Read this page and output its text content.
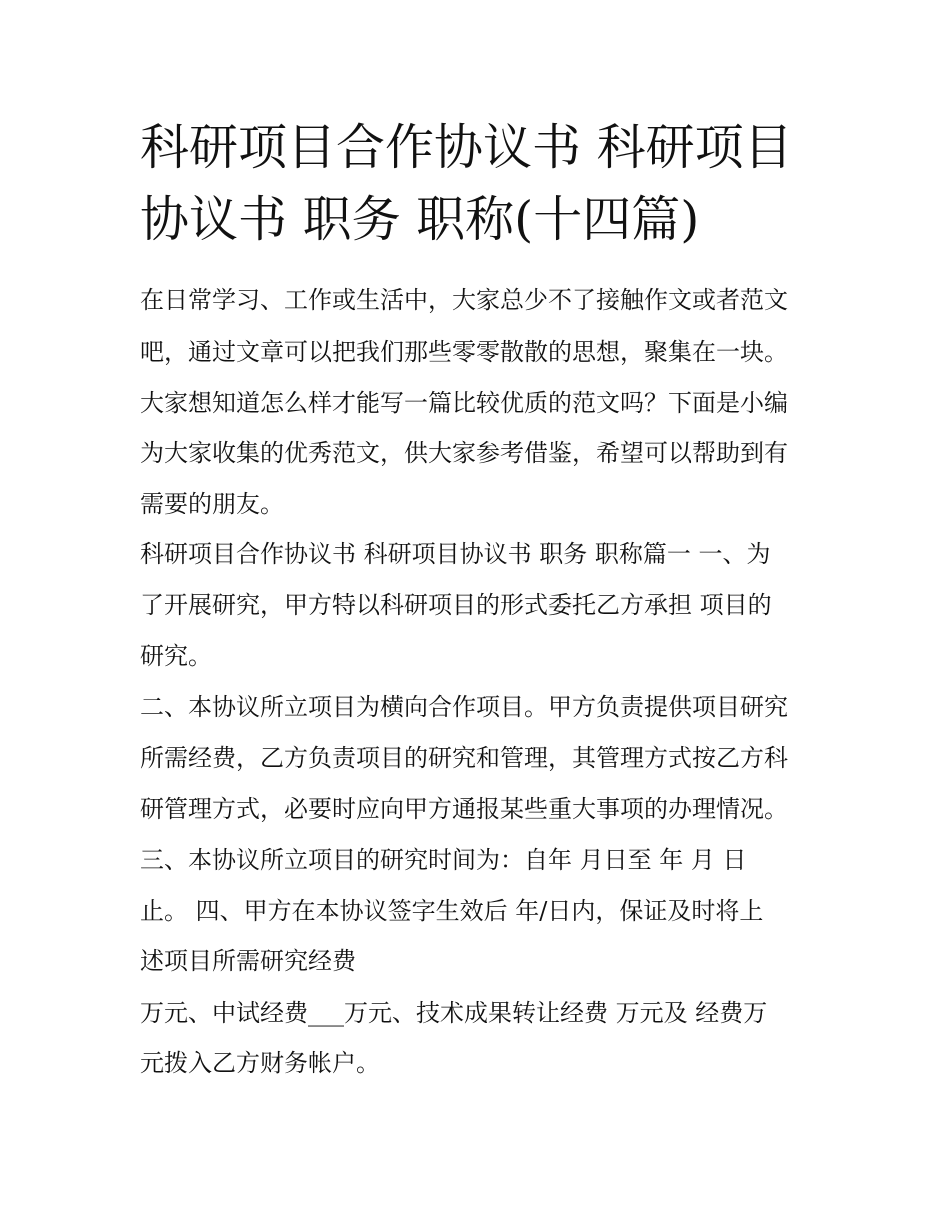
科研项目合作协议书 科研项目
协议书 职务 职称(十四篇)

在日常学习、工作或生活中，大家总少不了接触作文或者范文

吧，通过文章可以把我们那些零零散散的思想，聚集在一块。

大家想知道怎么样才能写一篇比较优质的范文吗？下面是小编

为大家收集的优秀范文，供大家参考借鉴，希望可以帮助到有

需要的朋友。

科研项目合作协议书 科研项目协议书 职务 职称篇一 一、为

了开展研究，甲方特以科研项目的形式委托乙方承担 项目的

研究。

二、本协议所立项目为横向合作项目。甲方负责提供项目研究

所需经费，乙方负责项目的研究和管理，其管理方式按乙方科

研管理方式，必要时应向甲方通报某些重大事项的办理情况。

三、本协议所立项目的研究时间为：自年 月日至 年 月 日

止。 四、甲方在本协议签字生效后 年/日内，保证及时将上

述项目所需研究经费

万元、中试经费___万元、技术成果转让经费 万元及 经费万

元拨入乙方财务帐户。
